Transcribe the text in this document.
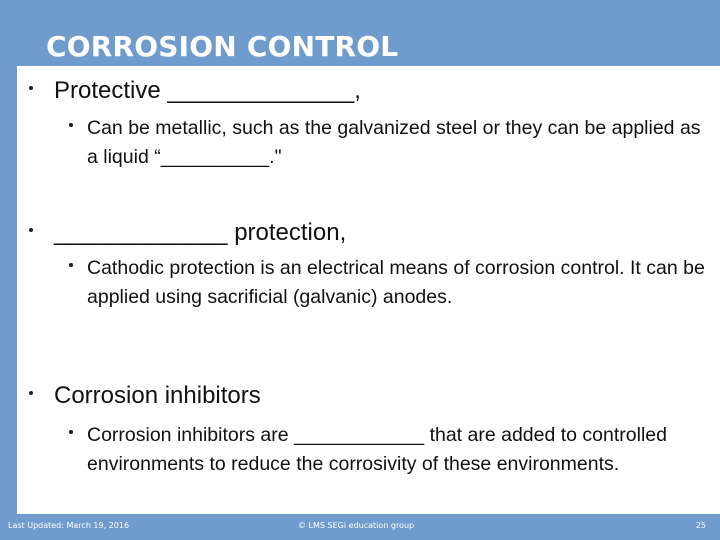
CORROSION CONTROL
Protective ______________,
Can be metallic, such as the galvanized steel or they can be applied as a liquid “__________."
_____________ protection,
Cathodic protection is an electrical means of corrosion control. It can be applied using sacrificial (galvanic) anodes.
Corrosion inhibitors
Corrosion inhibitors are ____________ that are added to controlled environments to reduce the corrosivity of these environments.
Last Updated: March 19, 2016	© LMS SEGi education group	25
